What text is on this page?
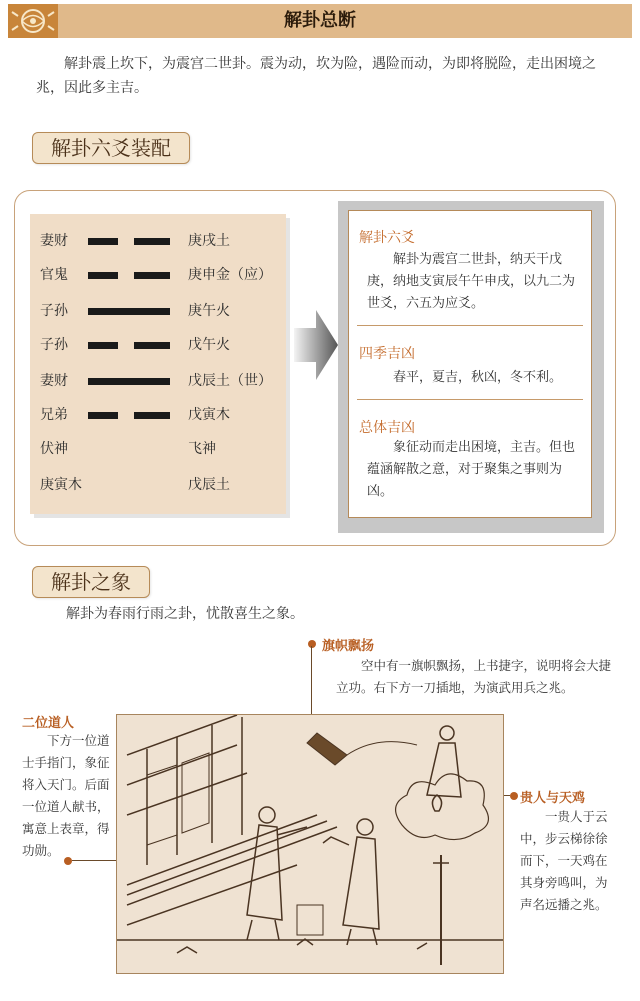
解卦总断
解卦震上坎下，为震宫二世卦。震为动，坎为险，遇险而动，为即将脱险，走出困境之兆，因此多主吉。
解卦六爻装配
妻财	庚戌土
官鬼	庚申金（应）
子孙	庚午火
子孙	戊午火
妻财	戊辰土（世）
兄弟	戊寅木
伏神	飞神
庚寅木	戊辰土
解卦六爻
解卦为震宫二世卦，纳天干戊庚，纳地支寅辰午午申戌，以九二为世爻，六五为应爻。
四季吉凶
春平，夏吉，秋凶，冬不利。
总体吉凶
象征动而走出困境，主吉。但也蕴涵解散之意，对于聚集之事则为凶。
解卦之象
解卦为春雨行雨之卦，忧散喜生之象。
旗帜飘扬
空中有一旗帜飘扬，上书捷字，说明将会大捷立功。右下方一刀插地，为演武用兵之兆。
二位道人
下方一位道士手指门，象征将入天门。后面一位道人献书，寓意上表章，得功勋。
贵人与天鸡
一贵人于云中，步云梯徐徐而下，一天鸡在其身旁鸣叫，为声名远播之兆。
